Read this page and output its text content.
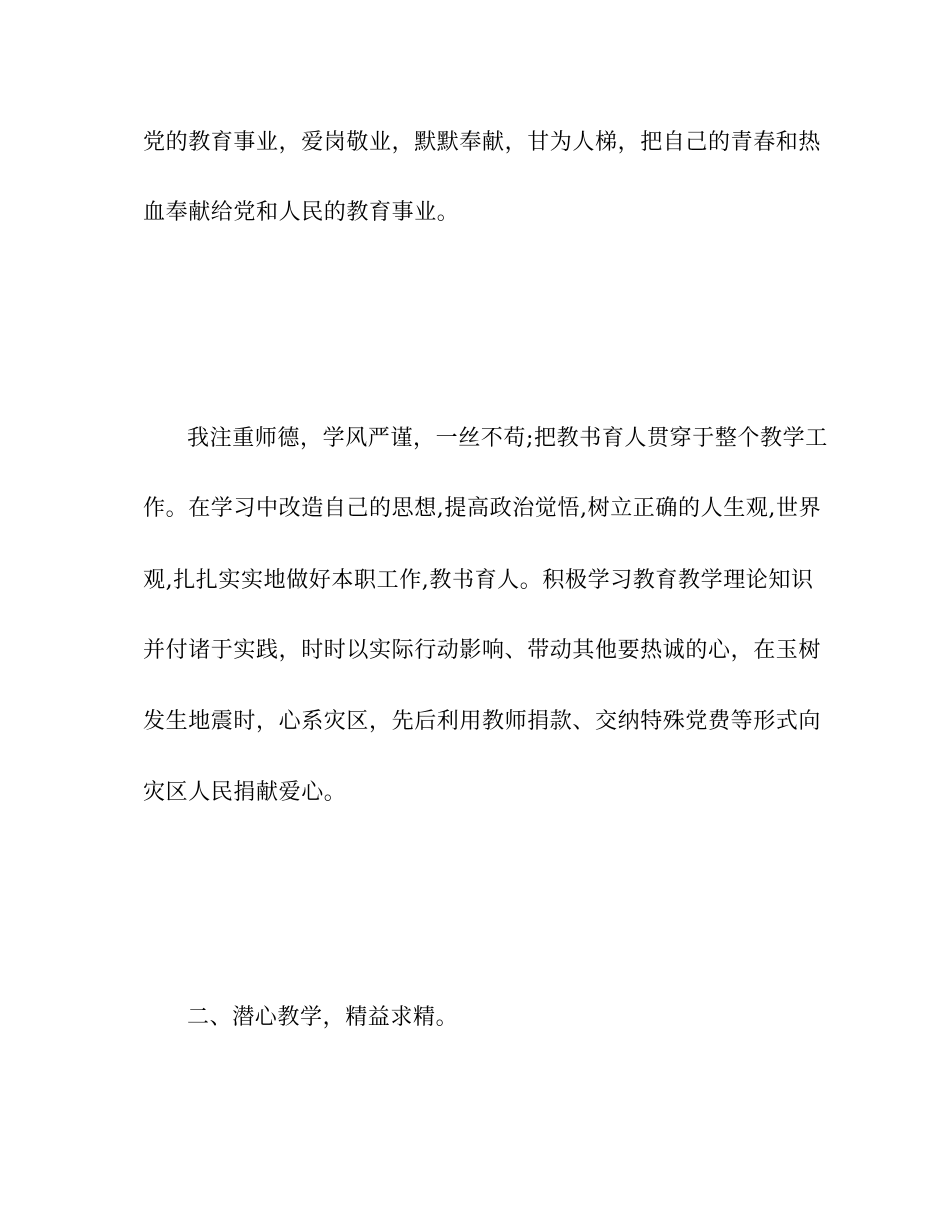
党的教育事业，爱岗敬业，默默奉献，甘为人梯，把自己的青春和热
血奉献给党和人民的教育事业。
我注重师德，学风严谨，一丝不苟;把教书育人贯穿于整个教学工
作。在学习中改造自己的思想,提高政治觉悟,树立正确的人生观,世界
观,扎扎实实地做好本职工作,教书育人。积极学习教育教学理论知识
并付诸于实践，时时以实际行动影响、带动其他要热诚的心，在玉树
发生地震时，心系灾区，先后利用教师捐款、交纳特殊党费等形式向
灾区人民捐献爱心。
二、潜心教学，精益求精。
